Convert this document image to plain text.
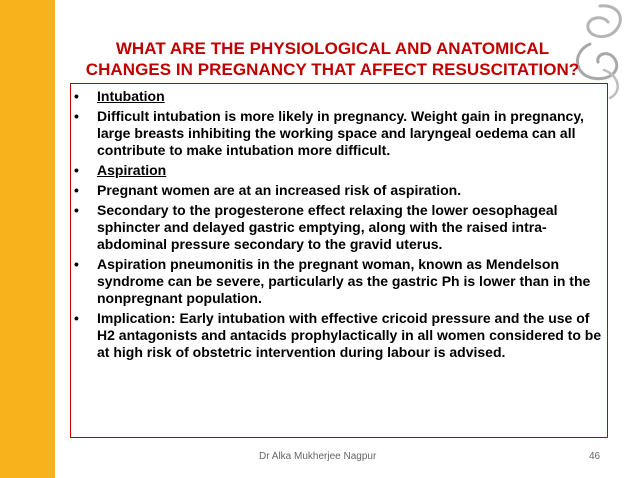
WHAT ARE THE PHYSIOLOGICAL AND ANATOMICAL
CHANGES IN PREGNANCY THAT AFFECT RESUSCITATION?
•	Intubation
•	Difficult intubation is more likely in pregnancy. Weight gain in pregnancy, large breasts inhibiting the working space and laryngeal oedema can all contribute to make intubation more difficult.
•	Aspiration
•	Pregnant women are at an increased risk of aspiration.
•	Secondary to the progesterone effect relaxing the lower oesophageal sphincter and delayed gastric emptying, along with the raised intra-abdominal pressure secondary to the gravid uterus.
•	Aspiration pneumonitis in the pregnant woman, known as Mendelson syndrome can be severe, particularly as the gastric Ph is lower than in the nonpregnant population.
•	Implication: Early intubation with effective cricoid pressure and the use of H2 antagonists and antacids prophylactically in all women considered to be at high risk of obstetric intervention during labour is advised.
Dr Alka Mukherjee Nagpur	46
